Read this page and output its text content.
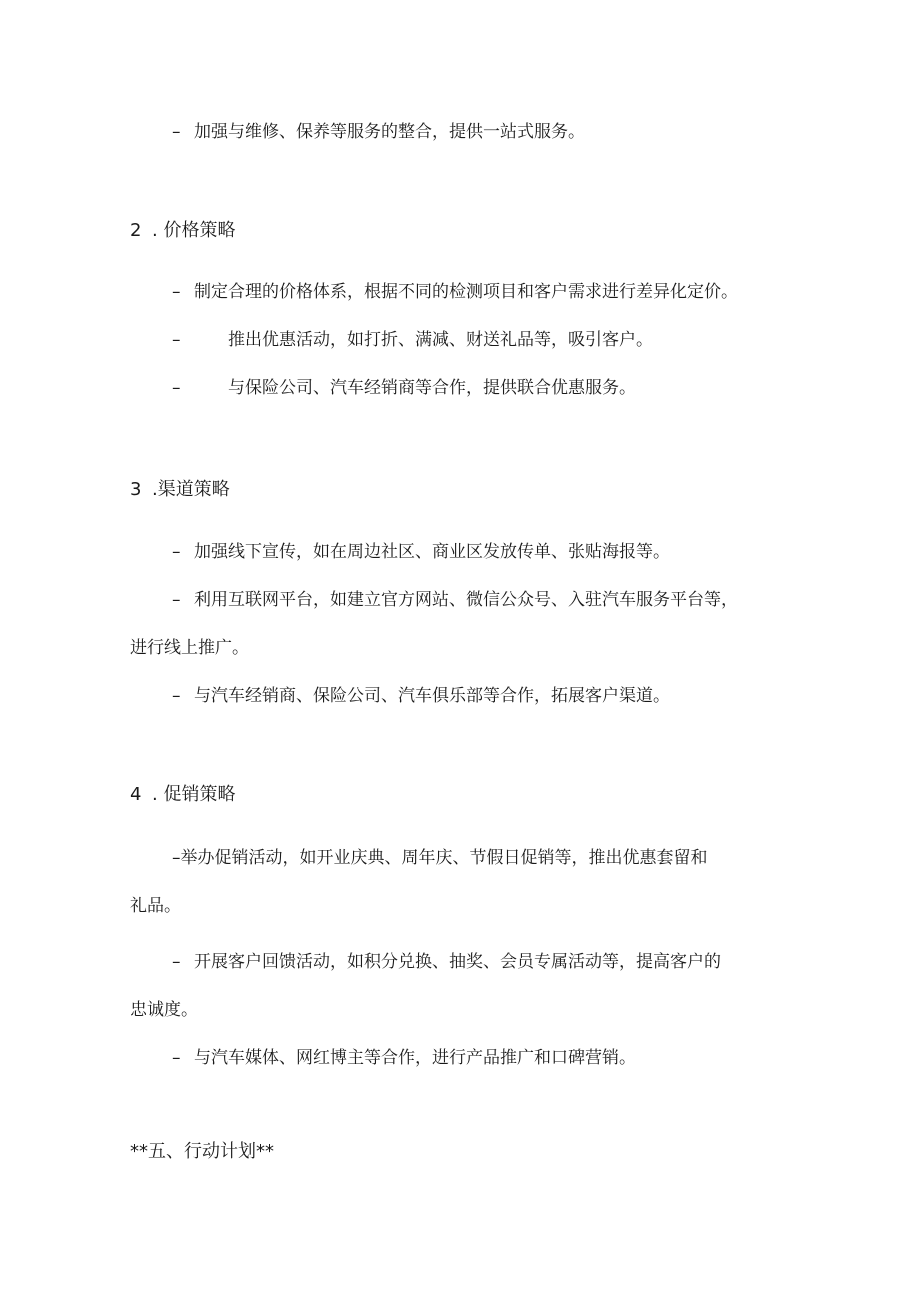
– 加强与维修、保养等服务的整合，提供一站式服务。

2 . 价格策略

– 制定合理的价格体系，根据不同的检测项目和客户需求进行差异化定价。

–	推出优惠活动，如打折、满减、财送礼品等，吸引客户。

–	与保险公司、汽车经销商等合作，提供联合优惠服务。

3 .渠道策略

– 加强线下宣传，如在周边社区、商业区发放传单、张贴海报等。

– 利用互联网平台，如建立官方网站、微信公众号、入驻汽车服务平台等，

进行线上推广。

– 与汽车经销商、保险公司、汽车俱乐部等合作，拓展客户渠道。

4 . 促销策略

–举办促销活动，如开业庆典、周年庆、节假日促销等，推出优惠套留和

礼品。

– 开展客户回馈活动，如积分兑换、抽奖、会员专属活动等，提高客户的

忠诚度。

– 与汽车媒体、网红博主等合作，进行产品推广和口碑营销。

**五、行动计划**
